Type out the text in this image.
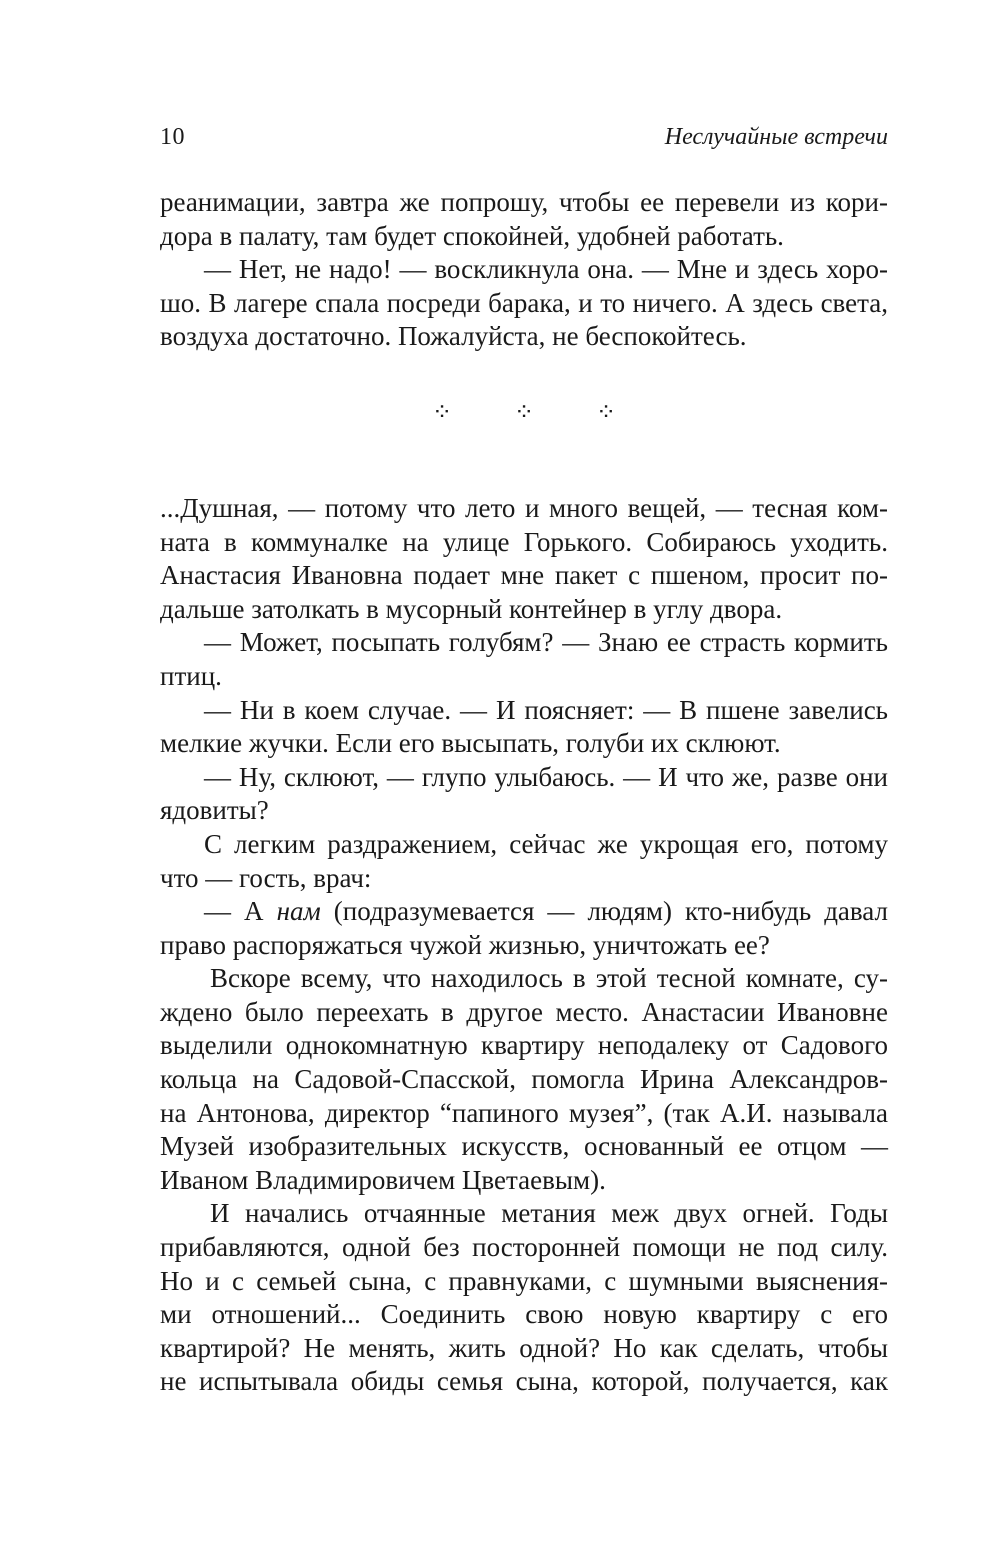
10	Неслучайные встречи
реанимации, завтра же попрошу, чтобы ее перевели из кори-
дора в палату, там будет спокойней, удобней работать.
— Нет, не надо! — воскликнула она. — Мне и здесь хоро-
шо. В лагере спала посреди барака, и то ничего. А здесь света,
воздуха достаточно. Пожалуйста, не беспокойтесь.
⁘	⁘	⁘
...Душная, — потому что лето и много вещей, — тесная ком-
ната в коммуналке на улице Горького. Собираюсь уходить.
Анастасия Ивановна подает мне пакет с пшеном, просит по-
дальше затолкать в мусорный контейнер в углу двора.
— Может, посыпать голубям? — Знаю ее страсть кормить
птиц.
— Ни в коем случае. — И поясняет: — В пшене завелись
мелкие жучки. Если его высыпать, голуби их склюют.
— Ну, склюют, — глупо улыбаюсь. — И что же, разве они
ядовиты?
С легким раздражением, сейчас же укрощая его, потому
что — гость, врач:
— А нам (подразумевается — людям) кто-нибудь давал
право распоряжаться чужой жизнью, уничтожать ее?
Вскоре всему, что находилось в этой тесной комнате, су-
ждено было переехать в другое место. Анастасии Ивановне
выделили однокомнатную квартиру неподалеку от Садового
кольца на Садовой-Спасской, помогла Ирина Александров-
на Антонова, директор “папиного музея”, (так А.И. называла
Музей изобразительных искусств, основанный ее отцом —
Иваном Владимировичем Цветаевым).
И начались отчаянные метания меж двух огней. Годы
прибавляются, одной без посторонней помощи не под силу.
Но и с семьей сына, с правнуками, с шумными выяснения-
ми отношений... Соединить свою новую квартиру с его
квартирой? Не менять, жить одной? Но как сделать, чтобы
не испытывала обиды семья сына, которой, получается, как
